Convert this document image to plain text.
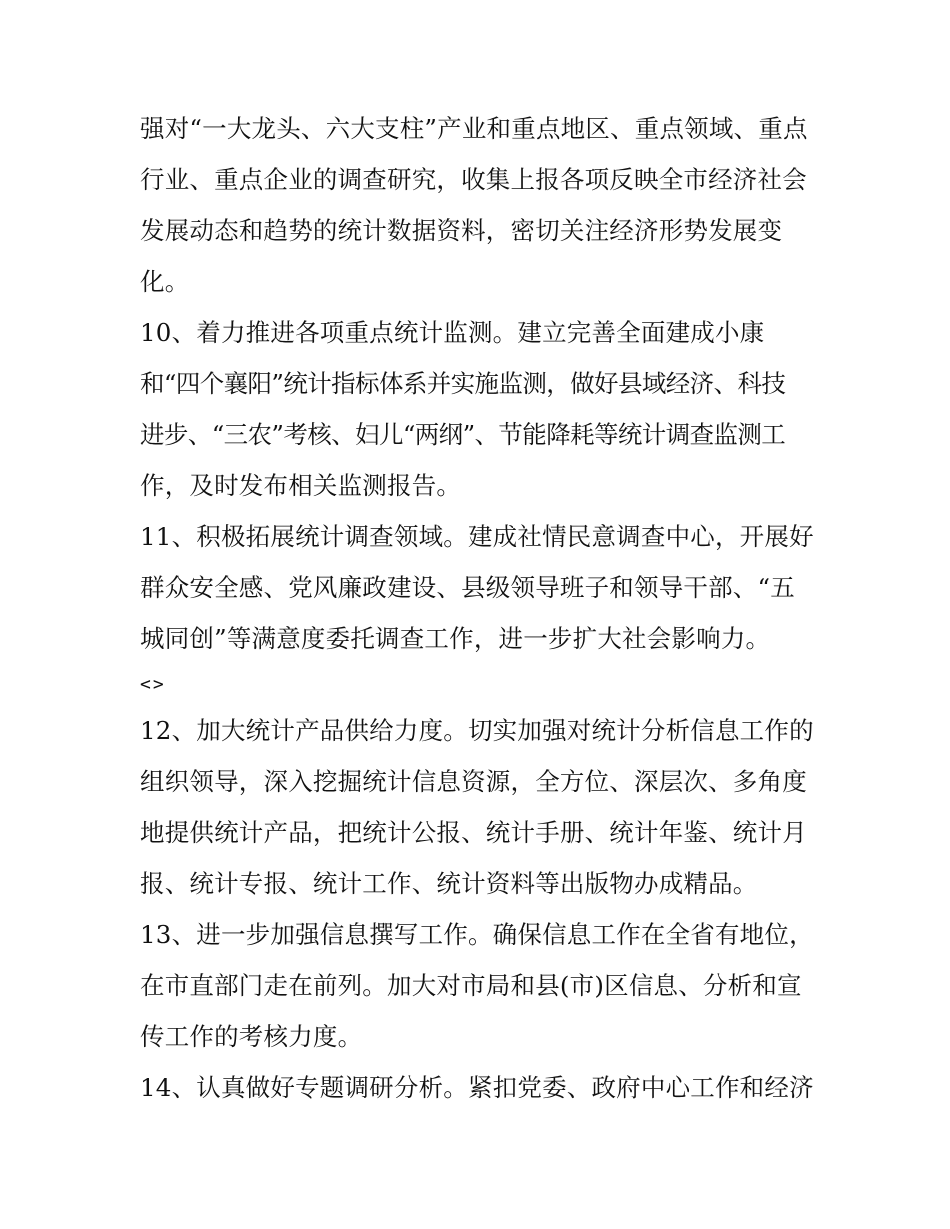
强对“一大龙头、六大支柱”产业和重点地区、重点领域、重点
行业、重点企业的调查研究，收集上报各项反映全市经济社会
发展动态和趋势的统计数据资料，密切关注经济形势发展变
化。
10、着力推进各项重点统计监测。建立完善全面建成小康
和“四个襄阳”统计指标体系并实施监测，做好县域经济、科技
进步、“三农”考核、妇儿“两纲”、节能降耗等统计调查监测工
作，及时发布相关监测报告。
11、积极拓展统计调查领域。建成社情民意调查中心，开展好
群众安全感、党风廉政建设、县级领导班子和领导干部、“五
城同创”等满意度委托调查工作，进一步扩大社会影响力。
<>
12、加大统计产品供给力度。切实加强对统计分析信息工作的
组织领导，深入挖掘统计信息资源，全方位、深层次、多角度
地提供统计产品，把统计公报、统计手册、统计年鉴、统计月
报、统计专报、统计工作、统计资料等出版物办成精品。
13、进一步加强信息撰写工作。确保信息工作在全省有地位，
在市直部门走在前列。加大对市局和县(市)区信息、分析和宣
传工作的考核力度。
14、认真做好专题调研分析。紧扣党委、政府中心工作和经济
